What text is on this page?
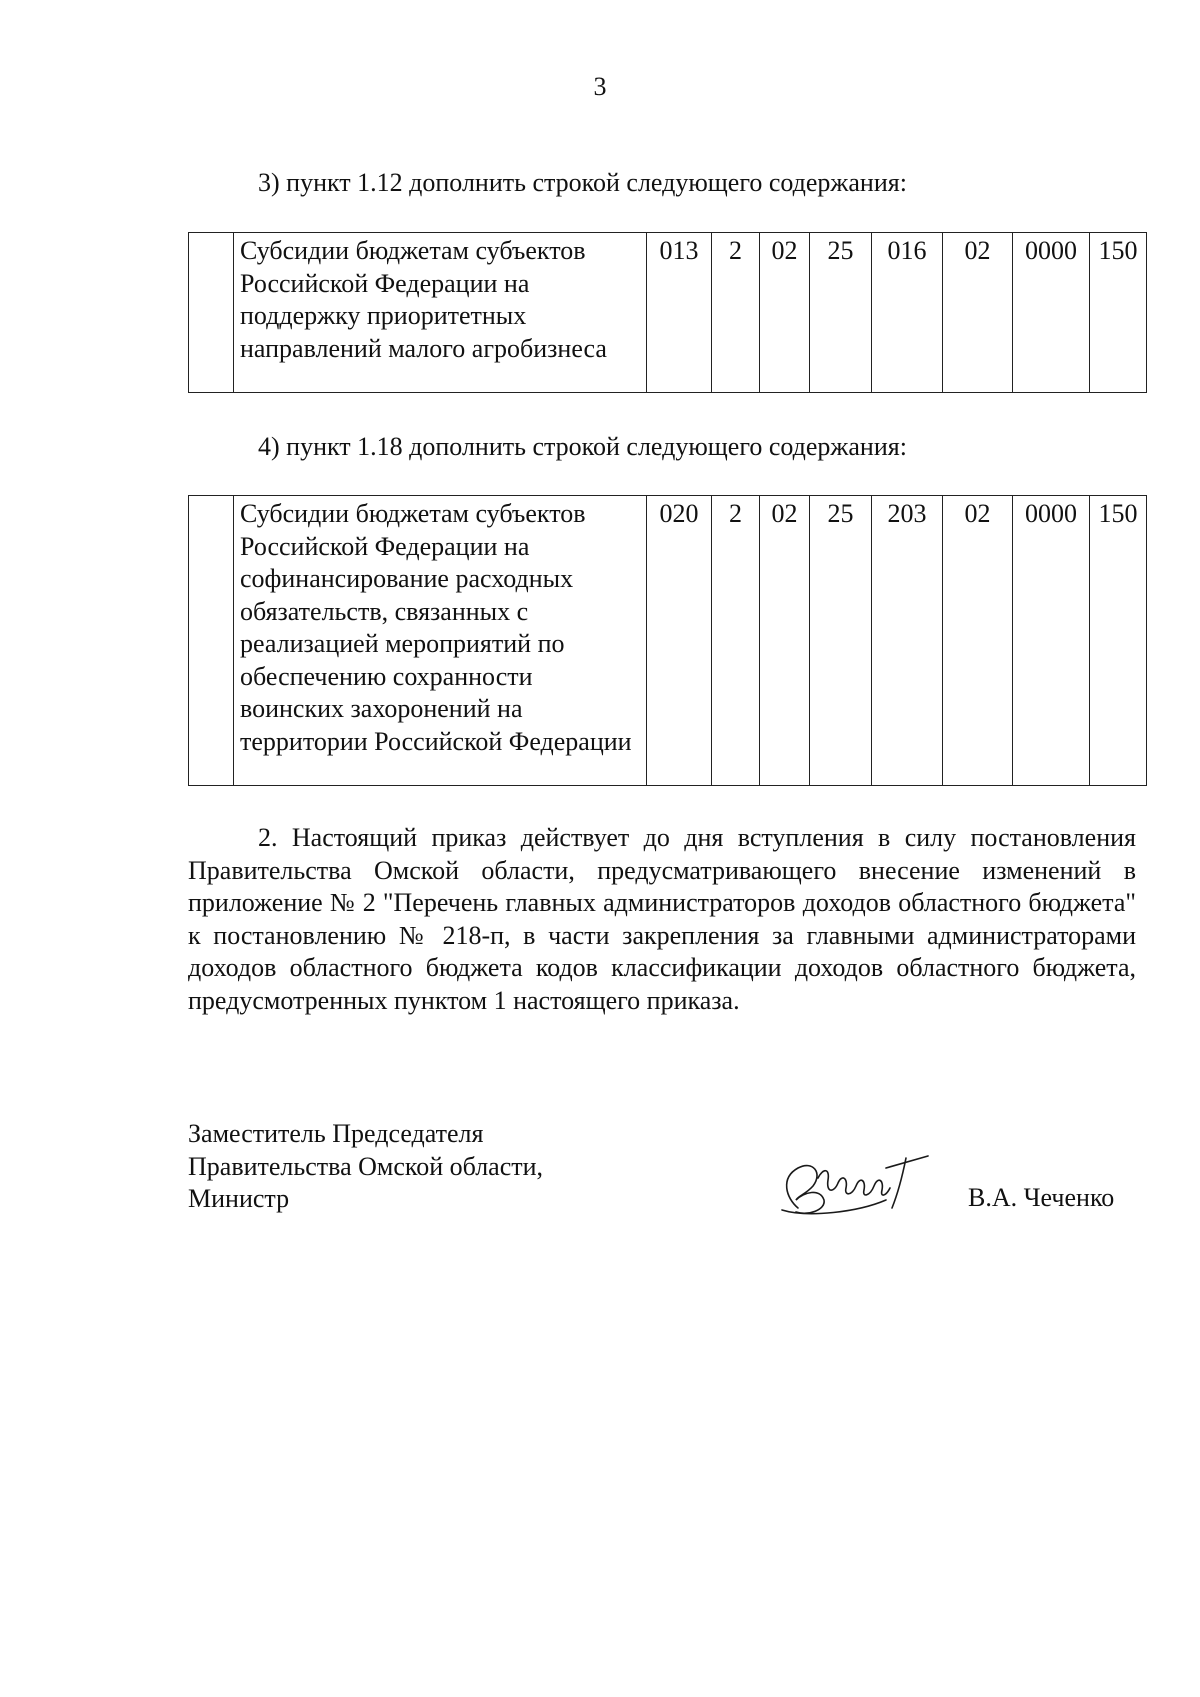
3
3) пункт 1.12 дополнить строкой следующего содержания:
	Субсидии бюджетам субъектов Российской Федерации на поддержку приоритетных направлений малого агробизнеса	013	2	02	25	016	02	0000	150
4) пункт 1.18 дополнить строкой следующего содержания:
	Субсидии бюджетам субъектов Российской Федерации на софинансирование расходных обязательств, связанных с реализацией мероприятий по обеспечению сохранности воинских захоронений на территории Российской Федерации	020	2	02	25	203	02	0000	150
2. Настоящий приказ действует до дня вступления в силу постановления Правительства Омской области, предусматривающего внесение изменений в приложение № 2 "Перечень главных администраторов доходов областного бюджета" к постановлению № 218-п, в части закрепления за главными администраторами доходов областного бюджета кодов классификации доходов областного бюджета, предусмотренных пунктом 1 настоящего приказа.
Заместитель Председателя
Правительства Омской области,
Министр	В.А. Чеченко
